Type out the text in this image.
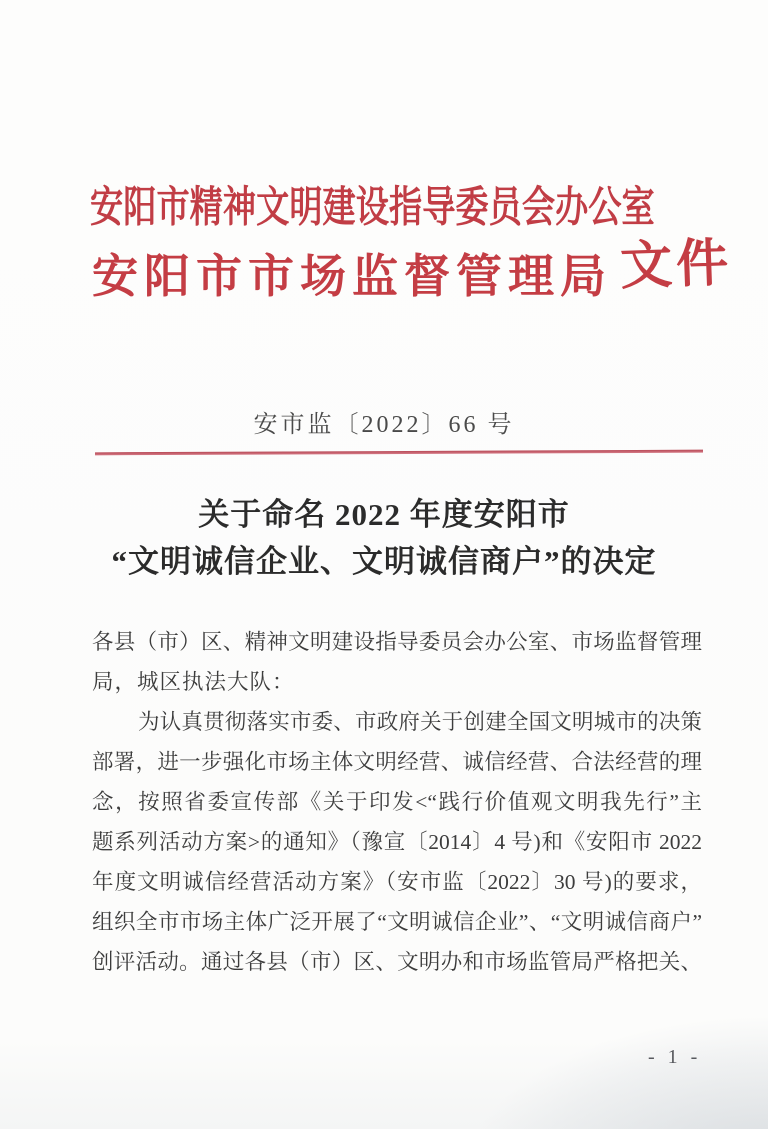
安阳市精神文明建设指导委员会办公室
安阳市市场监督管理局 文件
安市监〔2022〕66 号
关于命名 2022 年度安阳市
“文明诚信企业、文明诚信商户”的决定
各县（市）区、精神文明建设指导委员会办公室、市场监督管理
局，城区执法大队：
为认真贯彻落实市委、市政府关于创建全国文明城市的决策
部署，进一步强化市场主体文明经营、诚信经营、合法经营的理
念，按照省委宣传部《关于印发<“践行价值观文明我先行”主
题系列活动方案>的通知》（豫宣〔2014〕4 号)和《安阳市 2022
年度文明诚信经营活动方案》（安市监〔2022〕30 号)的要求，
组织全市市场主体广泛开展了“文明诚信企业”、“文明诚信商户”
创评活动。通过各县（市）区、文明办和市场监管局严格把关、
- 1 -
